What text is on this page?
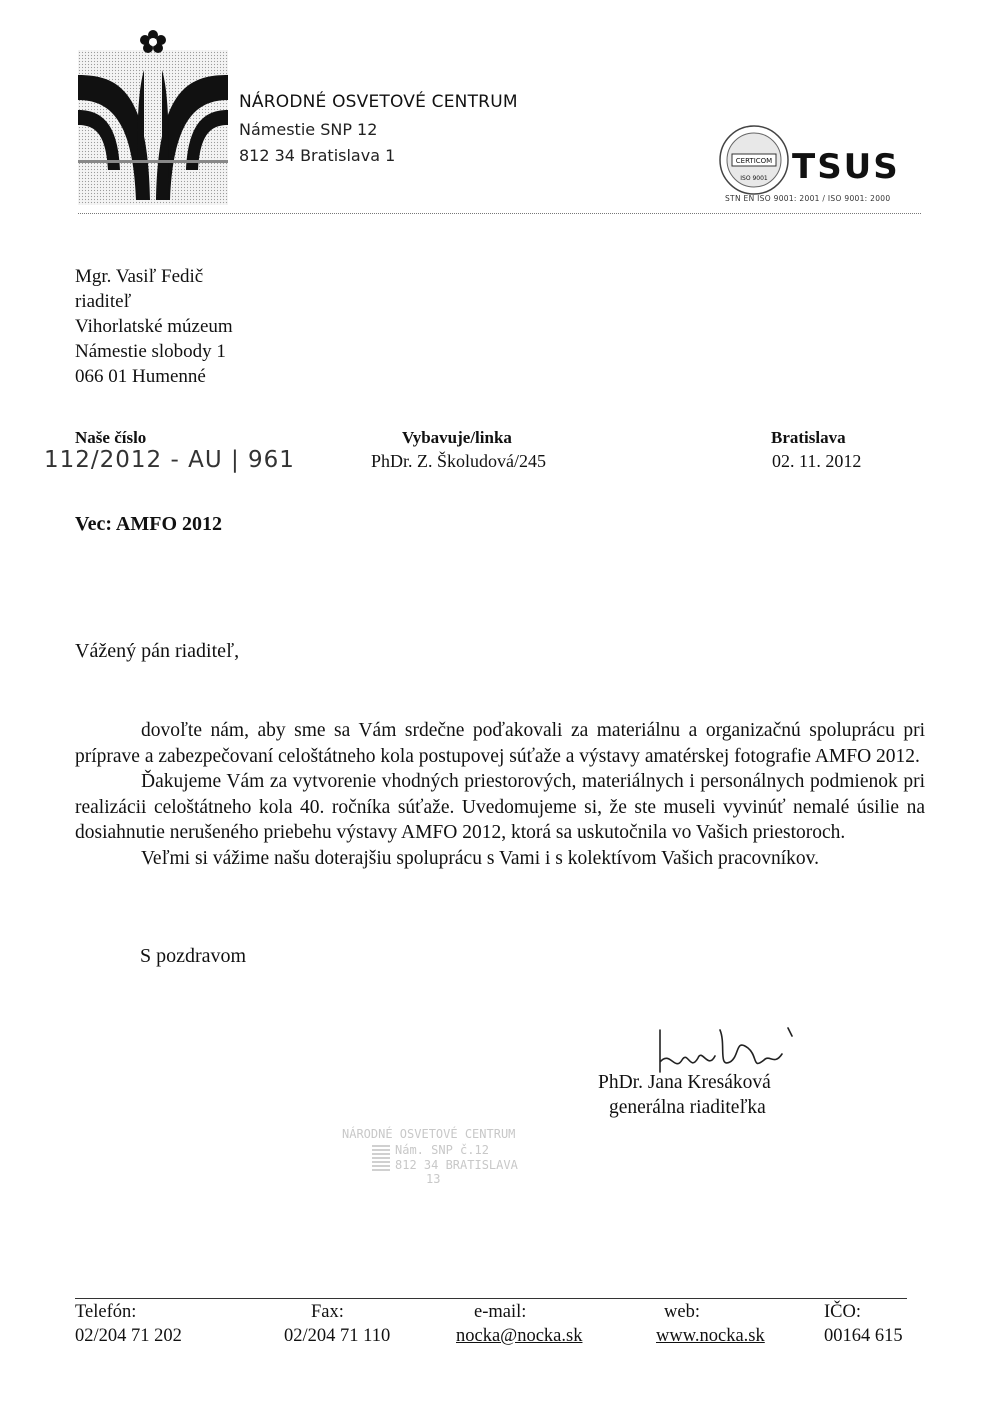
NÁRODNÉ OSVETOVÉ CENTRUM
Námestie SNP 12
812 34 Bratislava 1	CERTICOM
ISO 9001 TSUS
STN EN ISO 9001: 2001 / ISO 9001: 2000
Mgr. Vasiľ Fedič
riaditeľ
Vihorlatské múzeum
Námestie slobody 1
066 01 Humenné
Naše číslo
112/2012 - AU | 961
Vybavuje/linka
PhDr. Z. Školudová/245
Bratislava
02. 11. 2012
Vec: AMFO 2012
Vážený pán riaditeľ,

dovoľte nám, aby sme sa Vám srdečne poďakovali za materiálnu a organizačnú spoluprácu pri príprave a zabezpečovaní celoštátneho kola postupovej súťaže a výstavy amatérskej fotografie AMFO 2012.

Ďakujeme Vám za vytvorenie vhodných priestorových, materiálnych i personálnych podmienok pri realizácii celoštátneho kola 40. ročníka súťaže. Uvedomujeme si, že ste museli vyvinúť nemalé úsilie na dosiahnutie nerušeného priebehu výstavy AMFO 2012, ktorá sa uskutočnila vo Vašich priestoroch.

Veľmi si vážime našu doterajšiu spoluprácu s Vami i s kolektívom Vašich pracovníkov.

S pozdravom
PhDr. Jana Kresáková
generálna riaditeľka
NÁRODNÉ OSVETOVÉ CENTRUM
Nám. SNP č.12
812 34 BRATISLAVA
13
Telefón:
02/204 71 202
Fax:
02/204 71 110
e-mail:
nocka@nocka.sk
web:
www.nocka.sk
IČO:
00164 615
